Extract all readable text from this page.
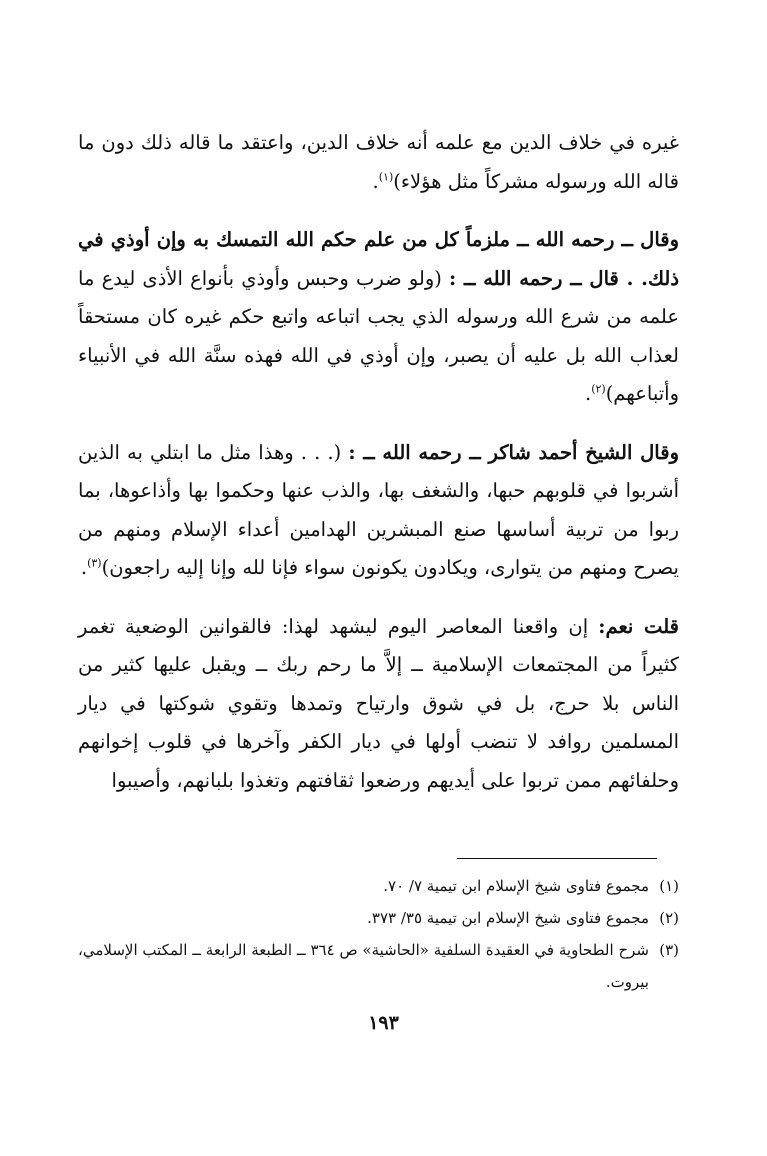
غيره في خلاف الدين مع علمه أنه خلاف الدين، واعتقد ما قاله ذلك دون ما قاله الله ورسوله مشركاً مثل هؤلاء)$^{(١)}$.

وقال ــ رحمه الله ــ ملزماً كل من علم حكم الله التمسك به وإن أوذي في ذلك. . قال ــ رحمه الله ــ : (ولو ضرب وحبس وأوذي بأنواع الأذى ليدع ما علمه من شرع الله ورسوله الذي يجب اتباعه واتبع حكم غيره كان مستحقاً لعذاب الله بل عليه أن يصبر، وإن أوذي في الله فهذه سنَّة الله في الأنبياء وأتباعهم)$^{(٢)}$.

وقال الشيخ أحمد شاكر ــ رحمه الله ــ : (. . . وهذا مثل ما ابتلي به الذين أشربوا في قلوبهم حبها، والشغف بها، والذب عنها وحكموا بها وأذاعوها، بما ربوا من تربية أساسها صنع المبشرين الهدامين أعداء الإسلام ومنهم من يصرح ومنهم من يتوارى، ويكادون يكونون سواء فإنا لله وإنا إليه راجعون)$^{(٣)}$.

قلت نعم: إن واقعنا المعاصر اليوم ليشهد لهذا: فالقوانين الوضعية تغمر كثيراً من المجتمعات الإسلامية ــ إلاَّ ما رحم ربك ــ ويقبل عليها كثير من الناس بلا حرج، بل في شوق وارتياح وتمدها وتقوي شوكتها في ديار المسلمين روافد لا تنضب أولها في ديار الكفر وآخرها في قلوب إخوانهم وحلفائهم ممن تربوا على أيديهم ورضعوا ثقافتهم وتغذوا بلبانهم، وأصيبوا

(١)
مجموع فتاوى شيخ الإسلام ابن تيمية ٧/ ٧٠.

(٢)
مجموع فتاوى شيخ الإسلام ابن تيمية ٣٥/ ٣٧٣.

(٣)
شرح الطحاوية في العقيدة السلفية «الحاشية» ص ٣٦٤ ــ الطبعة الرابعة ــ المكتب الإسلامي، بيروت.

١٩٣
